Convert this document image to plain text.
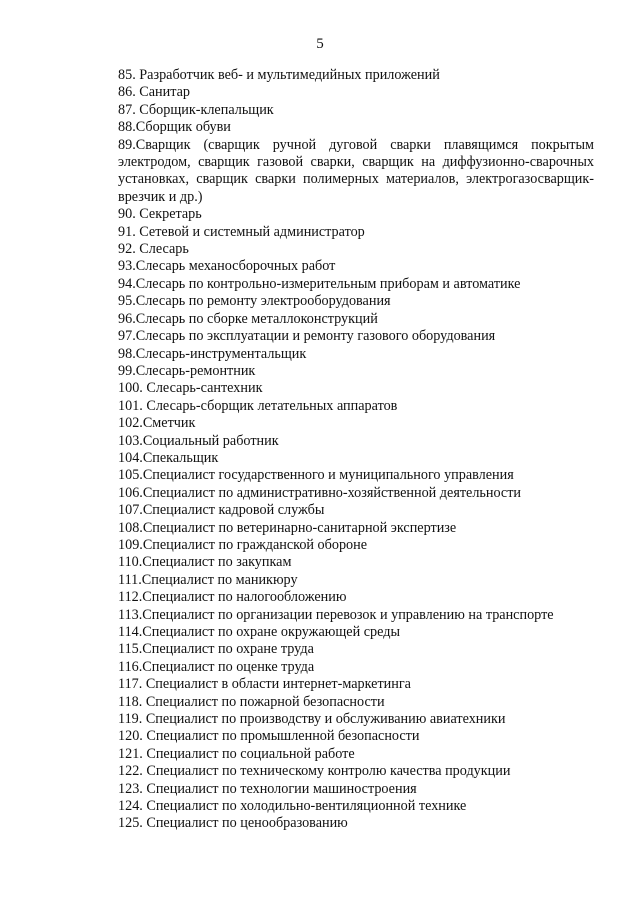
5
85. Разработчик веб- и мультимедийных приложений
86. Санитар
87. Сборщик-клепальщик
88.Сборщик обуви
89.Сварщик (сварщик ручной дуговой сварки плавящимся покрытым электродом, сварщик газовой сварки, сварщик на диффузионно-сварочных установках, сварщик сварки полимерных материалов, электрогазосварщик-врезчик и др.)
90. Секретарь
91. Сетевой и системный администратор
92. Слесарь
93.Слесарь механосборочных работ
94.Слесарь по контрольно-измерительным приборам и автоматике
95.Слесарь по ремонту электрооборудования
96.Слесарь по сборке металлоконструкций
97.Слесарь по эксплуатации и ремонту газового оборудования
98.Слесарь-инструментальщик
99.Слесарь-ремонтник
100. Слесарь-сантехник
101. Слесарь-сборщик летательных аппаратов
102.Сметчик
103.Социальный работник
104.Спекальщик
105.Специалист государственного и муниципального управления
106.Специалист по административно-хозяйственной деятельности
107.Специалист кадровой службы
108.Специалист по ветеринарно-санитарной экспертизе
109.Специалист по гражданской обороне
110.Специалист по закупкам
111.Специалист по маникюру
112.Специалист по налогообложению
113.Специалист по организации перевозок и управлению на транспорте
114.Специалист по охране окружающей среды
115.Специалист по охране труда
116.Специалист по оценке труда
117. Специалист в области интернет-маркетинга
118. Специалист по пожарной безопасности
119. Специалист по производству и обслуживанию авиатехники
120. Специалист по промышленной безопасности
121. Специалист по социальной работе
122. Специалист по техническому контролю качества продукции
123. Специалист по технологии машиностроения
124. Специалист по холодильно-вентиляционной технике
125. Специалист по ценообразованию
